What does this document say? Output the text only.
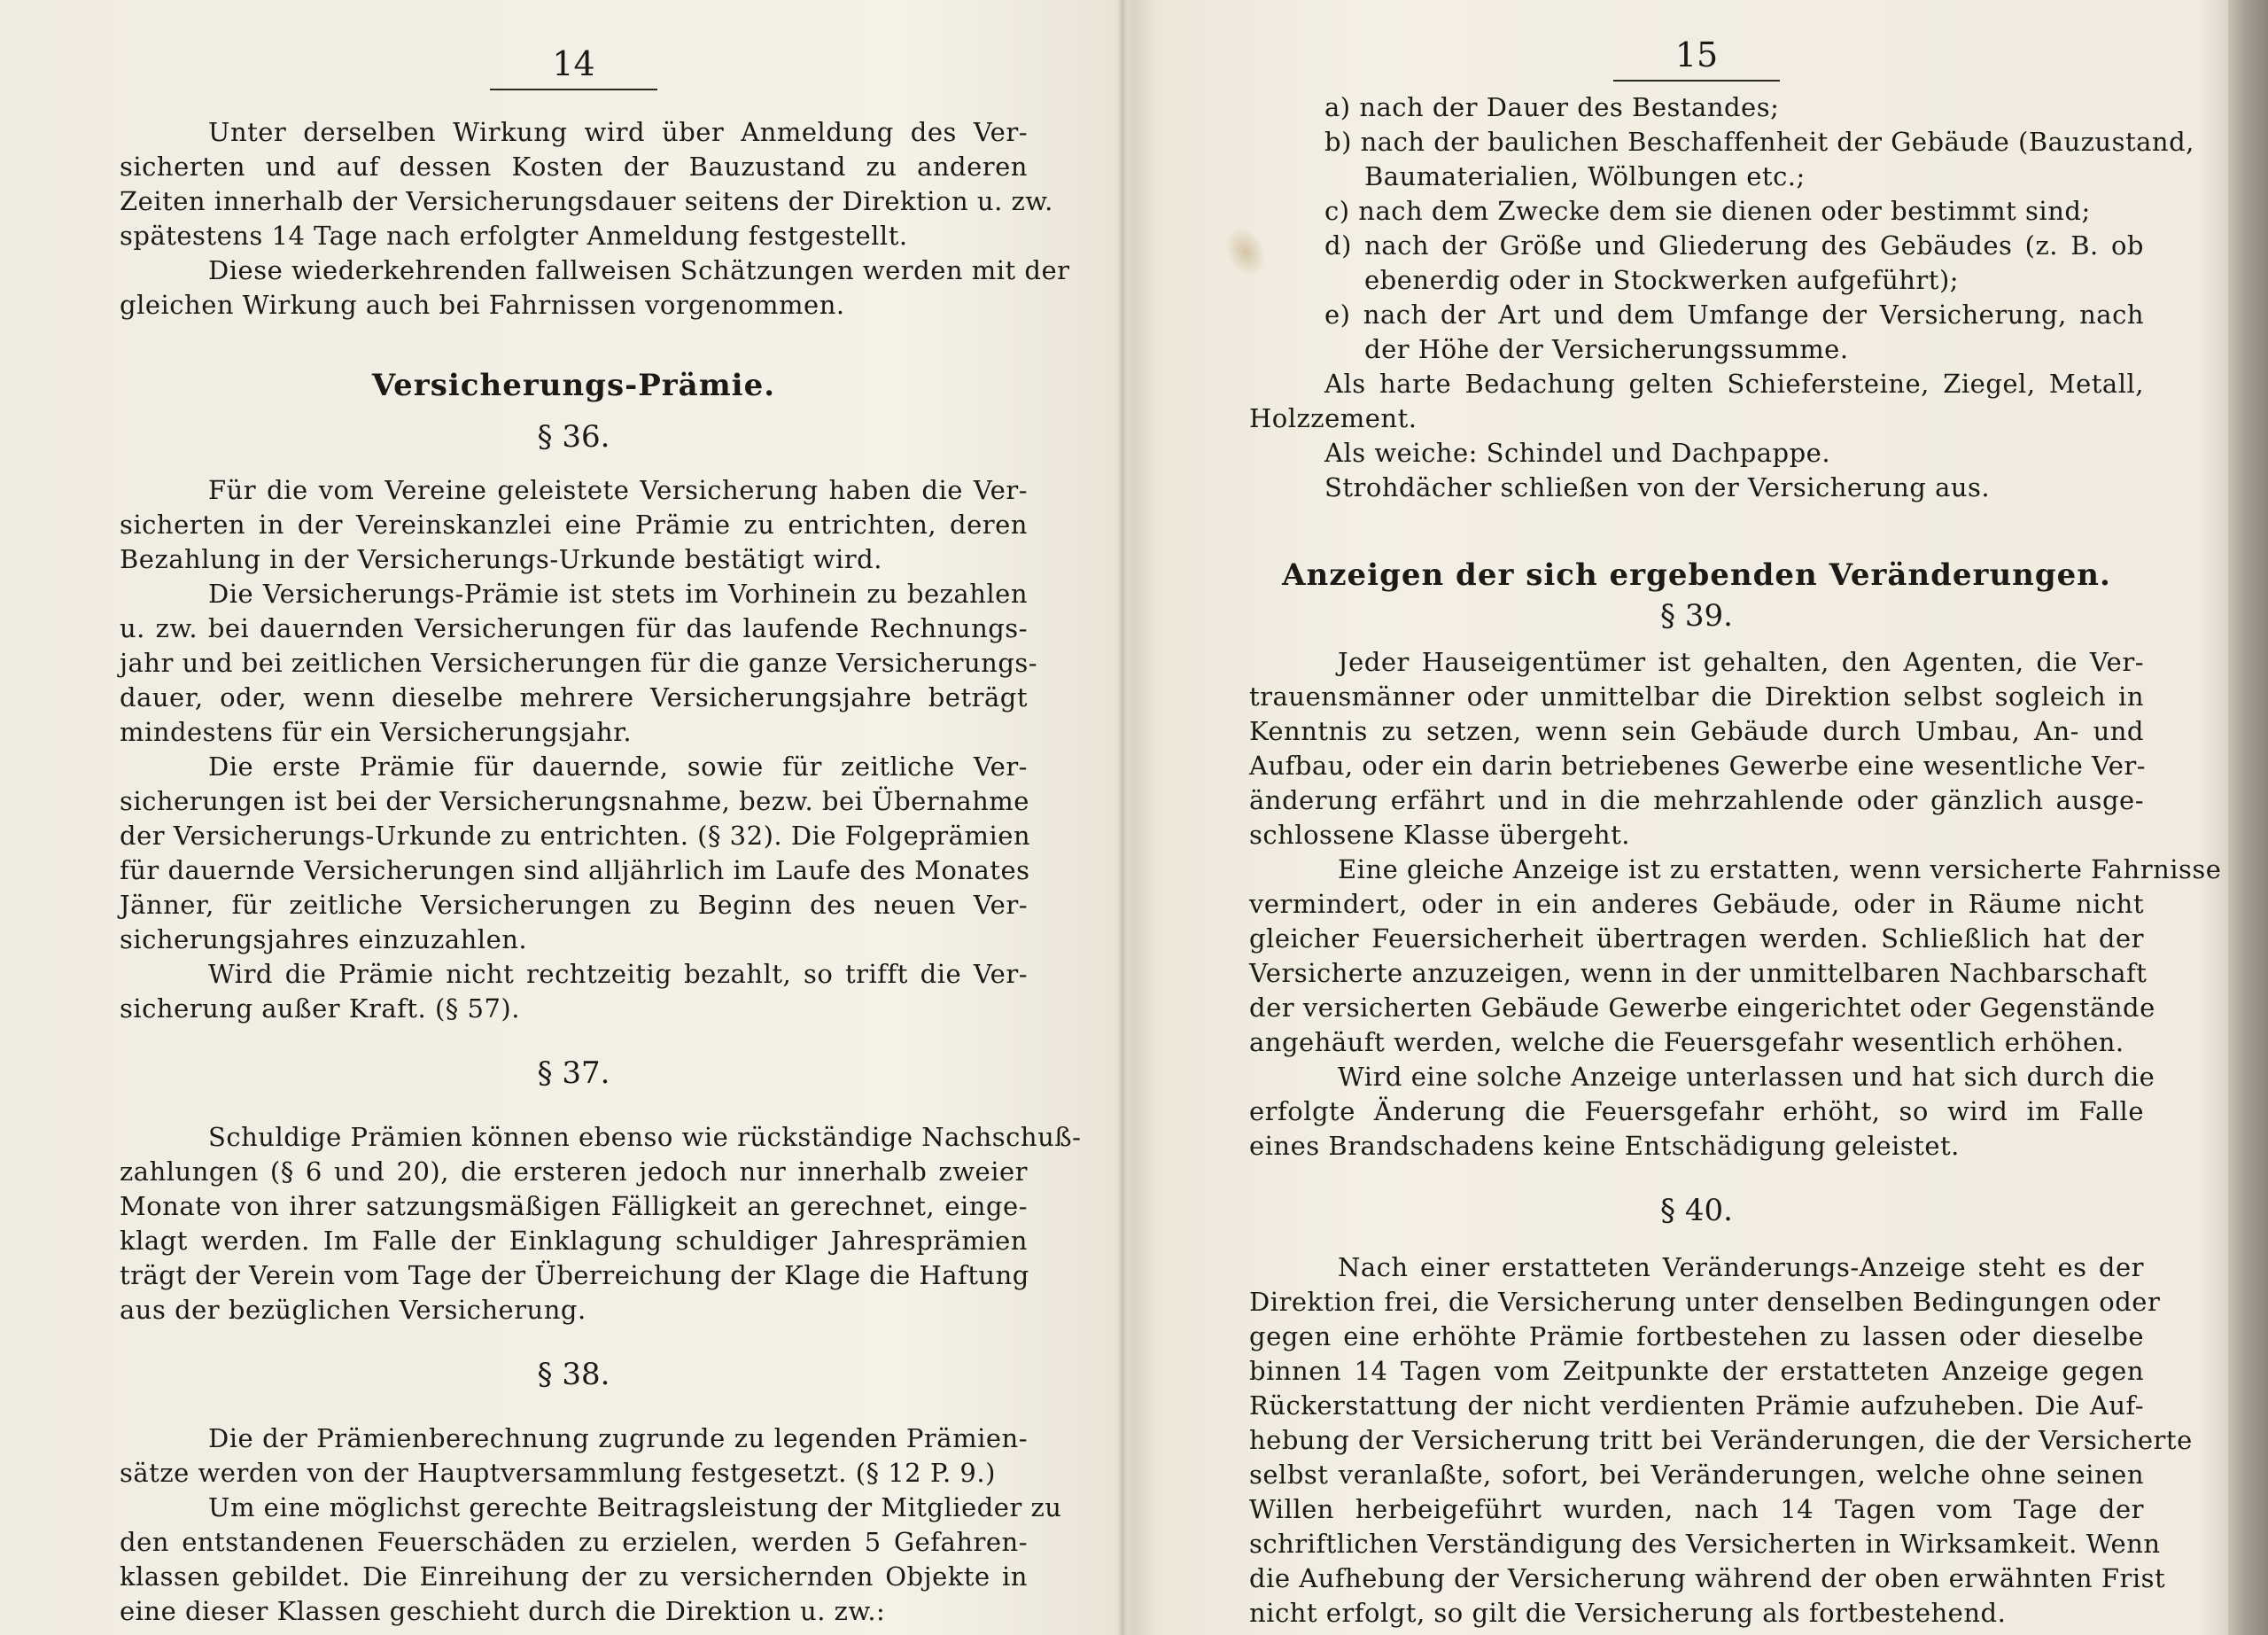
14
Unter derselben Wirkung wird über Anmeldung des Ver-
sicherten und auf dessen Kosten der Bauzustand zu anderen
Zeiten innerhalb der Versicherungsdauer seitens der Direktion u. zw.
spätestens 14 Tage nach erfolgter Anmeldung festgestellt.
Diese wiederkehrenden fallweisen Schätzungen werden mit der
gleichen Wirkung auch bei Fahrnissen vorgenommen.
Versicherungs-Prämie.
§ 36.
Für die vom Vereine geleistete Versicherung haben die Ver-
sicherten in der Vereinskanzlei eine Prämie zu entrichten, deren
Bezahlung in der Versicherungs-Urkunde bestätigt wird.
Die Versicherungs-Prämie ist stets im Vorhinein zu bezahlen
u. zw. bei dauernden Versicherungen für das laufende Rechnungs-
jahr und bei zeitlichen Versicherungen für die ganze Versicherungs-
dauer, oder, wenn dieselbe mehrere Versicherungsjahre beträgt
mindestens für ein Versicherungsjahr.
Die erste Prämie für dauernde, sowie für zeitliche Ver-
sicherungen ist bei der Versicherungsnahme, bezw. bei Übernahme
der Versicherungs-Urkunde zu entrichten. (§ 32). Die Folgeprämien
für dauernde Versicherungen sind alljährlich im Laufe des Monates
Jänner, für zeitliche Versicherungen zu Beginn des neuen Ver-
sicherungsjahres einzuzahlen.
Wird die Prämie nicht rechtzeitig bezahlt, so trifft die Ver-
sicherung außer Kraft. (§ 57).
§ 37.
Schuldige Prämien können ebenso wie rückständige Nachschuß-
zahlungen (§ 6 und 20), die ersteren jedoch nur innerhalb zweier
Monate von ihrer satzungsmäßigen Fälligkeit an gerechnet, einge-
klagt werden. Im Falle der Einklagung schuldiger Jahresprämien
trägt der Verein vom Tage der Überreichung der Klage die Haftung
aus der bezüglichen Versicherung.
§ 38.
Die der Prämienberechnung zugrunde zu legenden Prämien-
sätze werden von der Hauptversammlung festgesetzt. (§ 12 P. 9.)
Um eine möglichst gerechte Beitragsleistung der Mitglieder zu
den entstandenen Feuerschäden zu erzielen, werden 5 Gefahren-
klassen gebildet. Die Einreihung der zu versichernden Objekte in
eine dieser Klassen geschieht durch die Direktion u. zw.:
15
a) nach der Dauer des Bestandes;
b) nach der baulichen Beschaffenheit der Gebäude (Bauzustand,
Baumaterialien, Wölbungen etc.;
c) nach dem Zwecke dem sie dienen oder bestimmt sind;
d) nach der Größe und Gliederung des Gebäudes (z. B. ob
ebenerdig oder in Stockwerken aufgeführt);
e) nach der Art und dem Umfange der Versicherung, nach
der Höhe der Versicherungssumme.
Als harte Bedachung gelten Schiefersteine, Ziegel, Metall,
Holzzement.
Als weiche: Schindel und Dachpappe.
Strohdächer schließen von der Versicherung aus.
Anzeigen der sich ergebenden Veränderungen.
§ 39.
Jeder Hauseigentümer ist gehalten, den Agenten, die Ver-
trauensmänner oder unmittelbar die Direktion selbst sogleich in
Kenntnis zu setzen, wenn sein Gebäude durch Umbau, An- und
Aufbau, oder ein darin betriebenes Gewerbe eine wesentliche Ver-
änderung erfährt und in die mehrzahlende oder gänzlich ausge-
schlossene Klasse übergeht.
Eine gleiche Anzeige ist zu erstatten, wenn versicherte Fahrnisse
vermindert, oder in ein anderes Gebäude, oder in Räume nicht
gleicher Feuersicherheit übertragen werden. Schließlich hat der
Versicherte anzuzeigen, wenn in der unmittelbaren Nachbarschaft
der versicherten Gebäude Gewerbe eingerichtet oder Gegenstände
angehäuft werden, welche die Feuersgefahr wesentlich erhöhen.
Wird eine solche Anzeige unterlassen und hat sich durch die
erfolgte Änderung die Feuersgefahr erhöht, so wird im Falle
eines Brandschadens keine Entschädigung geleistet.
§ 40.
Nach einer erstatteten Veränderungs-Anzeige steht es der
Direktion frei, die Versicherung unter denselben Bedingungen oder
gegen eine erhöhte Prämie fortbestehen zu lassen oder dieselbe
binnen 14 Tagen vom Zeitpunkte der erstatteten Anzeige gegen
Rückerstattung der nicht verdienten Prämie aufzuheben. Die Auf-
hebung der Versicherung tritt bei Veränderungen, die der Versicherte
selbst veranlaßte, sofort, bei Veränderungen, welche ohne seinen
Willen herbeigeführt wurden, nach 14 Tagen vom Tage der
schriftlichen Verständigung des Versicherten in Wirksamkeit. Wenn
die Aufhebung der Versicherung während der oben erwähnten Frist
nicht erfolgt, so gilt die Versicherung als fortbestehend.
